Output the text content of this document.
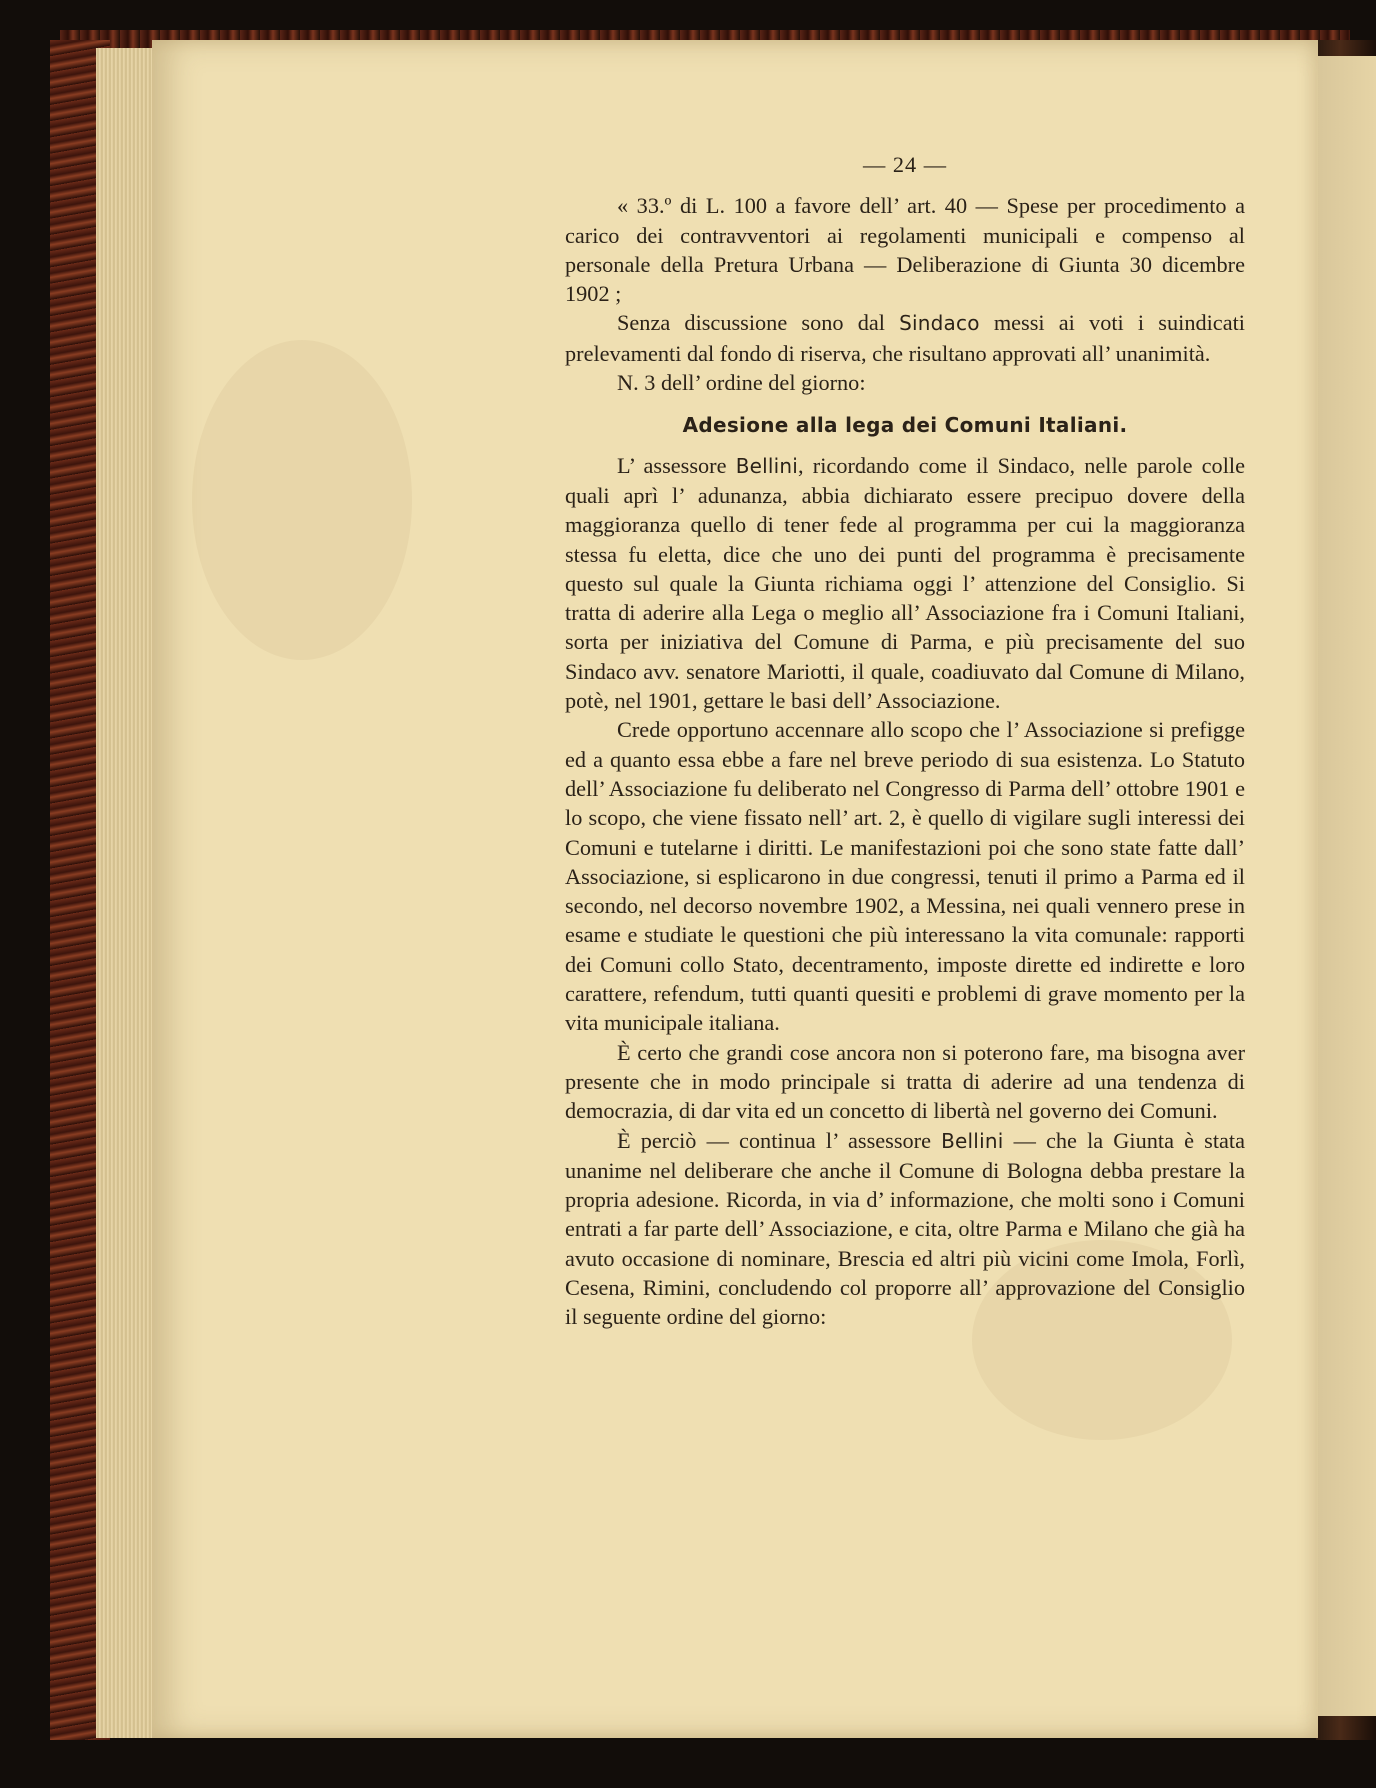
— 24 —

« 33.º di L. 100 a favore dell’ art. 40 — Spese per procedimento a carico dei contravventori ai regolamenti municipali e compenso al personale della Pretura Urbana — Deliberazione di Giunta 30 dicembre 1902 ;

Senza discussione sono dal Sindaco messi ai voti i suindicati prelevamenti dal fondo di riserva, che risultano approvati all’ unanimità.

N. 3 dell’ ordine del giorno:

Adesione alla lega dei Comuni Italiani.

L’ assessore Bellini, ricordando come il Sindaco, nelle parole colle quali aprì l’ adunanza, abbia dichiarato essere precipuo dovere della maggioranza quello di tener fede al programma per cui la maggioranza stessa fu eletta, dice che uno dei punti del programma è precisamente questo sul quale la Giunta richiama oggi l’ attenzione del Consiglio. Si tratta di aderire alla Lega o meglio all’ Associazione fra i Comuni Italiani, sorta per iniziativa del Comune di Parma, e più precisamente del suo Sindaco avv. senatore Mariotti, il quale, coadiuvato dal Comune di Milano, potè, nel 1901, gettare le basi dell’ Associazione.

Crede opportuno accennare allo scopo che l’ Associazione si prefigge ed a quanto essa ebbe a fare nel breve periodo di sua esistenza. Lo Statuto dell’ Associazione fu deliberato nel Congresso di Parma dell’ ottobre 1901 e lo scopo, che viene fissato nell’ art. 2, è quello di vigilare sugli interessi dei Comuni e tutelarne i diritti. Le manifestazioni poi che sono state fatte dall’ Associazione, si esplicarono in due congressi, tenuti il primo a Parma ed il secondo, nel decorso novembre 1902, a Messina, nei quali vennero prese in esame e studiate le questioni che più interessano la vita comunale: rapporti dei Comuni collo Stato, decentramento, imposte dirette ed indirette e loro carattere, refendum, tutti quanti quesiti e problemi di grave momento per la vita municipale italiana.

È certo che grandi cose ancora non si poterono fare, ma bisogna aver presente che in modo principale si tratta di aderire ad una tendenza di democrazia, di dar vita ed un concetto di libertà nel governo dei Comuni.

È perciò — continua l’ assessore Bellini — che la Giunta è stata unanime nel deliberare che anche il Comune di Bologna debba prestare la propria adesione. Ricorda, in via d’ informazione, che molti sono i Comuni entrati a far parte dell’ Associazione, e cita, oltre Parma e Milano che già ha avuto occasione di nominare, Brescia ed altri più vicini come Imola, Forlì, Cesena, Rimini, concludendo col proporre all’ approvazione del Consiglio il seguente ordine del giorno:
